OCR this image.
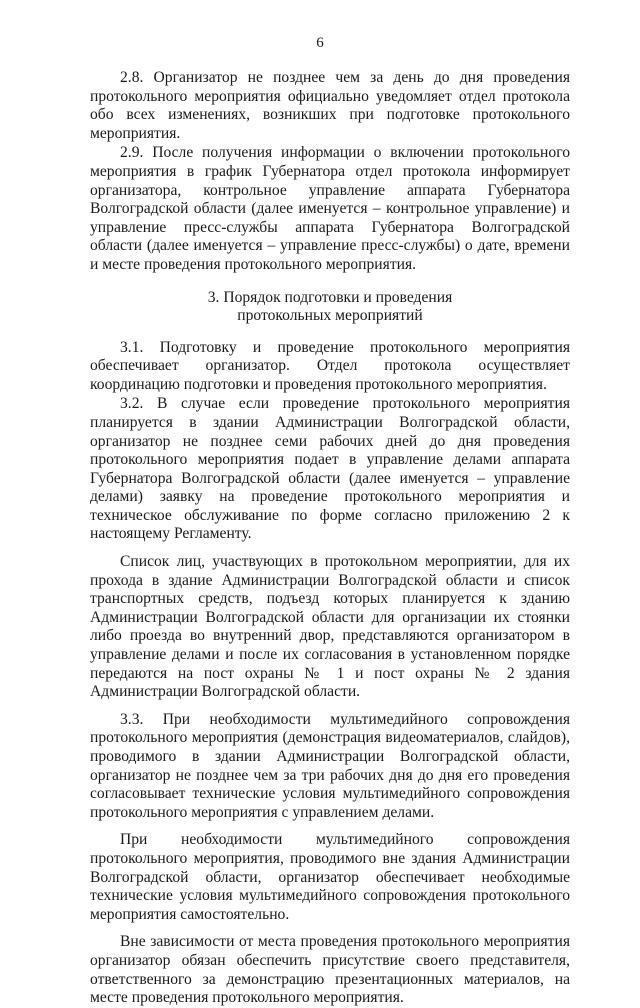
6

2.8. Организатор не позднее чем за день до дня проведения протокольного мероприятия официально уведомляет отдел протокола обо всех изменениях, возникших при подготовке протокольного мероприятия.

2.9. После получения информации о включении протокольного мероприятия в график Губернатора отдел протокола информирует организатора, контрольное управление аппарата Губернатора Волгоградской области (далее именуется – контрольное управление) и управление пресс-службы аппарата Губернатора Волгоградской области (далее именуется – управление пресс-службы) о дате, времени и месте проведения протокольного мероприятия.

3. Порядок подготовки и проведения
протокольных мероприятий

3.1. Подготовку и проведение протокольного мероприятия обеспечивает организатор. Отдел протокола осуществляет координацию подготовки и проведения протокольного мероприятия.

3.2. В случае если проведение протокольного мероприятия планируется в здании Администрации Волгоградской области, организатор не позднее семи рабочих дней до дня проведения протокольного мероприятия подает в управление делами аппарата Губернатора Волгоградской области (далее именуется – управление делами) заявку на проведение протокольного мероприятия и техническое обслуживание по форме согласно приложению 2 к настоящему Регламенту.

Список лиц, участвующих в протокольном мероприятии, для их прохода в здание Администрации Волгоградской области и список транспортных средств, подъезд которых планируется к зданию Администрации Волгоградской области для организации их стоянки либо проезда во внутренний двор, представляются организатором в управление делами и после их согласования в установленном порядке передаются на пост охраны № 1 и пост охраны № 2 здания Администрации Волгоградской области.

3.3. При необходимости мультимедийного сопровождения протокольного мероприятия (демонстрация видеоматериалов, слайдов), проводимого в здании Администрации Волгоградской области, организатор не позднее чем за три рабочих дня до дня его проведения согласовывает технические условия мультимедийного сопровождения протокольного мероприятия с управлением делами.

При необходимости мультимедийного сопровождения протокольного мероприятия, проводимого вне здания Администрации Волгоградской области, организатор обеспечивает необходимые технические условия мультимедийного сопровождения протокольного мероприятия самостоятельно.

Вне зависимости от места проведения протокольного мероприятия организатор обязан обеспечить присутствие своего представителя, ответственного за демонстрацию презентационных материалов, на месте проведения протокольного мероприятия.
